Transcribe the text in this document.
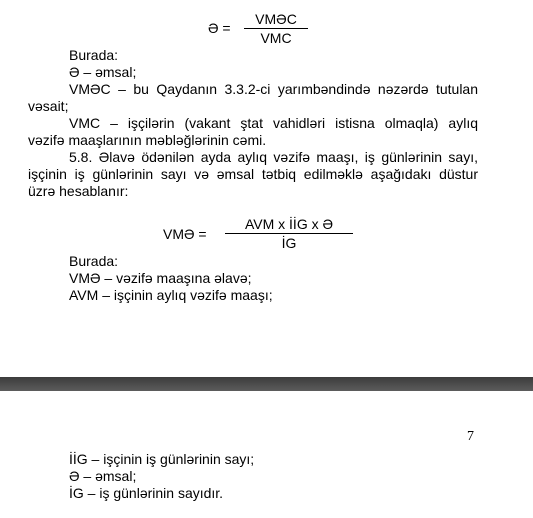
Ə =
VMƏC
VMC
Burada:
Ə – əmsal;
VMƏC – bu Qaydanın 3.3.2-ci yarımbəndində nəzərdə tutulan
vəsait;
VMC – işçilərin (vakant ştat vahidləri istisna olmaqla) aylıq
vəzifə maaşlarının məbləğlərinin cəmi.
5.8. Əlavə ödənilən ayda aylıq vəzifə maaşı, iş günlərinin sayı,
işçinin iş günlərinin sayı və əmsal tətbiq edilməklə aşağıdakı düstur
üzrə hesablanır:
VMƏ =
AVM x İİG x Ə
İG
Burada:
VMƏ – vəzifə maaşına əlavə;
AVM – işçinin aylıq vəzifə maaşı;
7
İİG – işçinin iş günlərinin sayı;
Ə – əmsal;
İG – iş günlərinin sayıdır.
